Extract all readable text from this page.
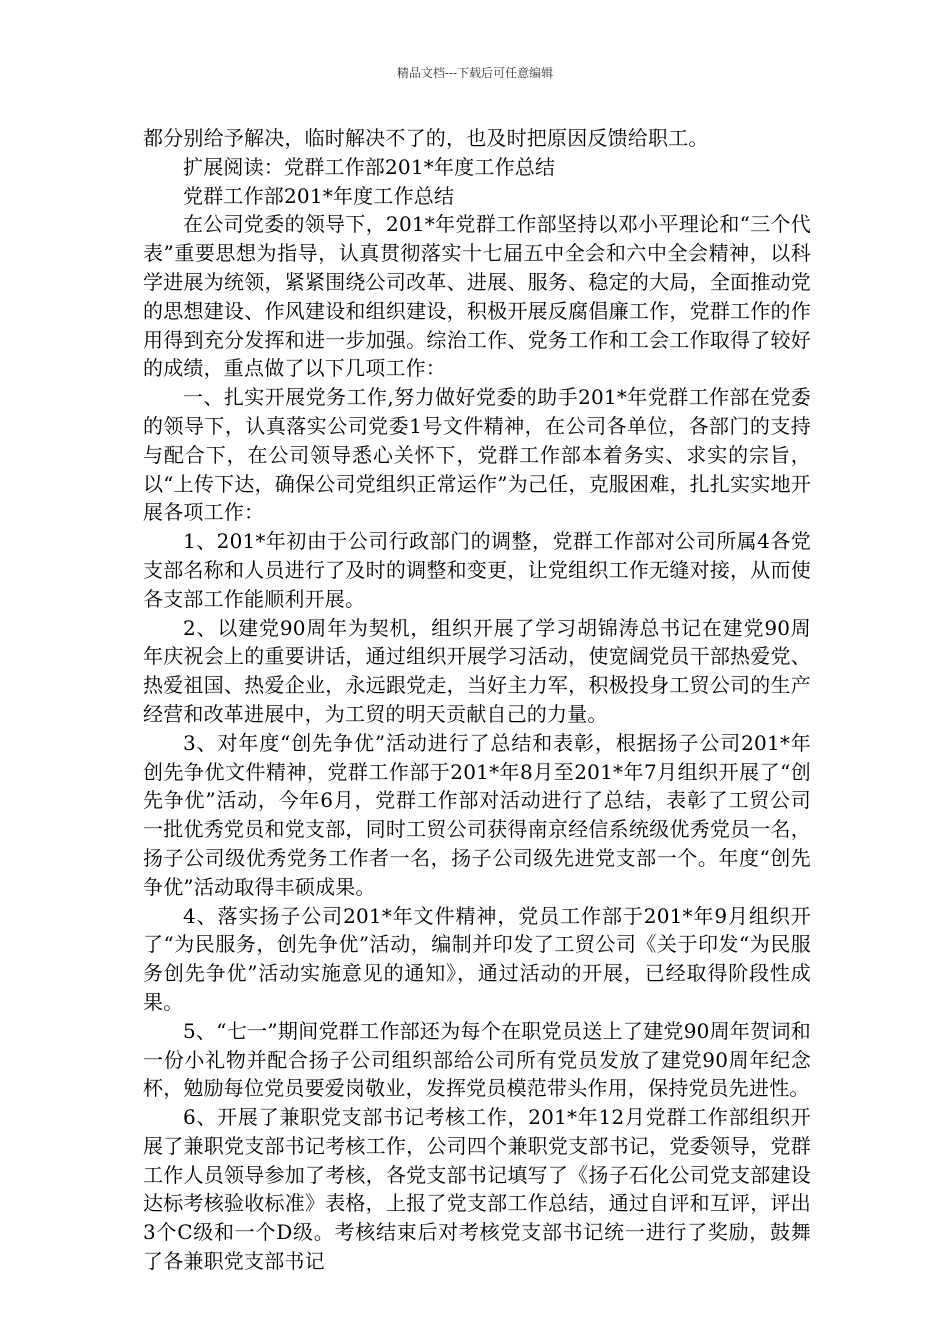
精品文档---下载后可任意编辑

都分别给予解决，临时解决不了的，也及时把原因反馈给职工。

扩展阅读：党群工作部201*年度工作总结

党群工作部201*年度工作总结

在公司党委的领导下，201*年党群工作部坚持以邓小平理论和“三个代表”重要思想为指导，认真贯彻落实十七届五中全会和六中全会精神，以科学进展为统领，紧紧围绕公司改革、进展、服务、稳定的大局，全面推动党的思想建设、作风建设和组织建设，积极开展反腐倡廉工作，党群工作的作用得到充分发挥和进一步加强。综治工作、党务工作和工会工作取得了较好的成绩，重点做了以下几项工作：

一、扎实开展党务工作,努力做好党委的助手201*年党群工作部在党委的领导下，认真落实公司党委1号文件精神，在公司各单位，各部门的支持与配合下，在公司领导悉心关怀下，党群工作部本着务实、求实的宗旨，以“上传下达，确保公司党组织正常运作”为己任，克服困难，扎扎实实地开展各项工作：

1、201*年初由于公司行政部门的调整，党群工作部对公司所属4各党支部名称和人员进行了及时的调整和变更，让党组织工作无缝对接，从而使各支部工作能顺利开展。

2、以建党90周年为契机，组织开展了学习胡锦涛总书记在建党90周年庆祝会上的重要讲话，通过组织开展学习活动，使宽阔党员干部热爱党、热爱祖国、热爱企业，永远跟党走，当好主力军，积极投身工贸公司的生产经营和改革进展中，为工贸的明天贡献自己的力量。

3、对年度“创先争优”活动进行了总结和表彰，根据扬子公司201*年创先争优文件精神，党群工作部于201*年8月至201*年7月组织开展了“创先争优”活动，今年6月，党群工作部对活动进行了总结，表彰了工贸公司一批优秀党员和党支部，同时工贸公司获得南京经信系统级优秀党员一名，扬子公司级优秀党务工作者一名，扬子公司级先进党支部一个。年度“创先争优”活动取得丰硕成果。

4、落实扬子公司201*年文件精神，党员工作部于201*年9月组织开了“为民服务，创先争优”活动，编制并印发了工贸公司《关于印发“为民服务创先争优”活动实施意见的通知》，通过活动的开展，已经取得阶段性成果。

5、“七一”期间党群工作部还为每个在职党员送上了建党90周年贺词和一份小礼物并配合扬子公司组织部给公司所有党员发放了建党90周年纪念杯，勉励每位党员要爱岗敬业，发挥党员模范带头作用，保持党员先进性。

6、开展了兼职党支部书记考核工作，201*年12月党群工作部组织开展了兼职党支部书记考核工作，公司四个兼职党支部书记，党委领导，党群工作人员领导参加了考核，各党支部书记填写了《扬子石化公司党支部建设达标考核验收标准》表格，上报了党支部工作总结，通过自评和互评，评出3个C级和一个D级。考核结束后对考核党支部书记统一进行了奖励，鼓舞了各兼职党支部书记
